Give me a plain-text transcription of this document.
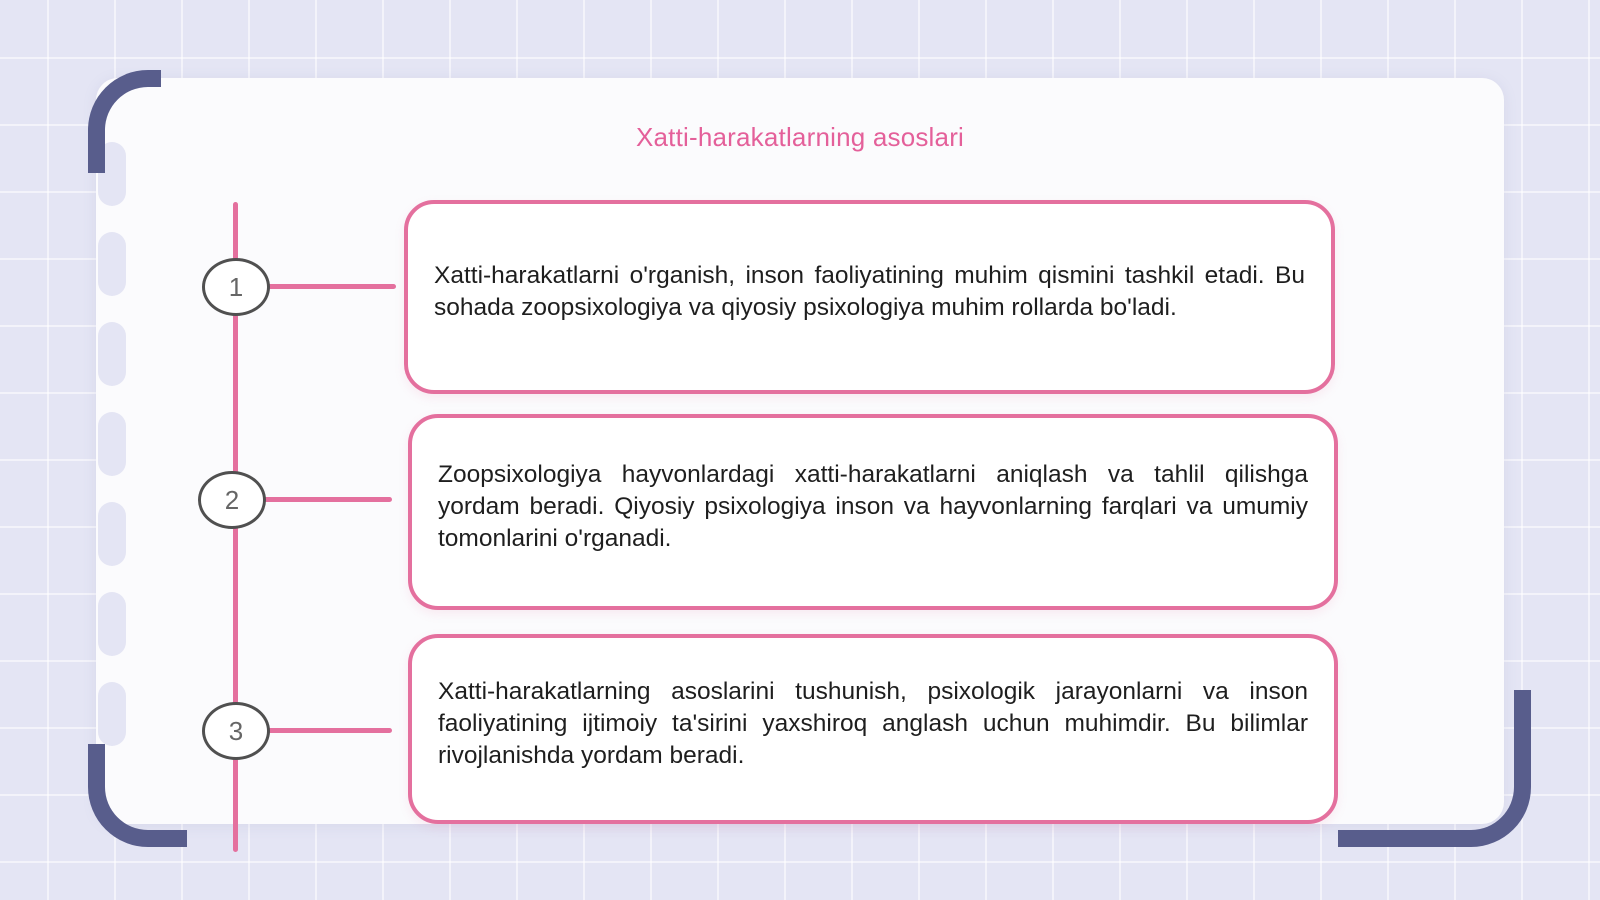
Xatti-harakatlarning asoslari
1
2
3
Xatti-harakatlarni o'rganish, inson faoliyatining muhim qismini tashkil etadi. Bu sohada zoopsixologiya va qiyosiy psixologiya muhim rollarda bo'ladi.
Zoopsixologiya hayvonlardagi xatti-harakatlarni aniqlash va tahlil qilishga yordam beradi. Qiyosiy psixologiya inson va hayvonlarning farqlari va umumiy tomonlarini o'rganadi.
Xatti-harakatlarning asoslarini tushunish, psixologik jarayonlarni va inson faoliyatining ijtimoiy ta'sirini yaxshiroq anglash uchun muhimdir. Bu bilimlar rivojlanishda yordam beradi.
